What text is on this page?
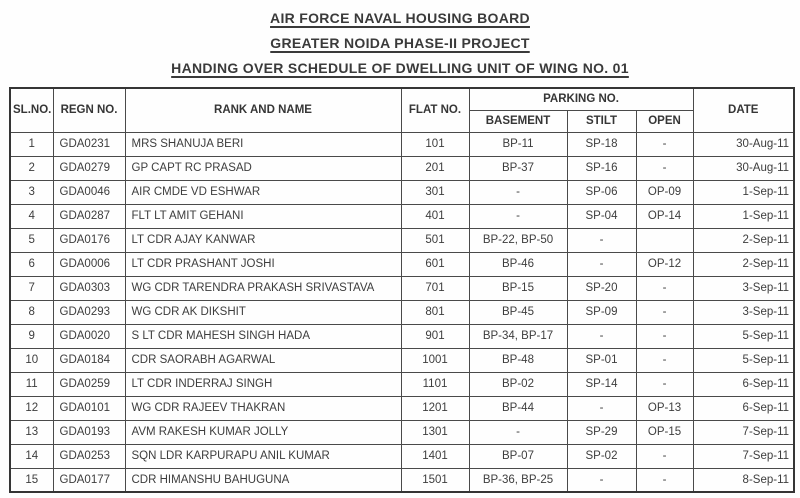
AIR FORCE NAVAL HOUSING BOARD
GREATER NOIDA PHASE-II PROJECT
HANDING OVER SCHEDULE OF DWELLING UNIT OF WING NO. 01
SL.NO.	REGN NO.	RANK AND NAME	FLAT NO.	PARKING NO.			DATE
				BASEMENT	STILT	OPEN	
1	GDA0231	MRS SHANUJA BERI	101	BP-11	SP-18	-	30-Aug-11
2	GDA0279	GP CAPT RC PRASAD	201	BP-37	SP-16	-	30-Aug-11
3	GDA0046	AIR CMDE VD ESHWAR	301	-	SP-06	OP-09	1-Sep-11
4	GDA0287	FLT LT AMIT GEHANI	401	-	SP-04	OP-14	1-Sep-11
5	GDA0176	LT CDR AJAY KANWAR	501	BP-22, BP-50	-		2-Sep-11
6	GDA0006	LT CDR PRASHANT JOSHI	601	BP-46	-	OP-12	2-Sep-11
7	GDA0303	WG CDR TARENDRA PRAKASH SRIVASTAVA	701	BP-15	SP-20	-	3-Sep-11
8	GDA0293	WG CDR AK DIKSHIT	801	BP-45	SP-09	-	3-Sep-11
9	GDA0020	S LT CDR MAHESH SINGH HADA	901	BP-34, BP-17	-	-	5-Sep-11
10	GDA0184	CDR SAORABH AGARWAL	1001	BP-48	SP-01	-	5-Sep-11
11	GDA0259	LT CDR INDERRAJ SINGH	1101	BP-02	SP-14	-	6-Sep-11
12	GDA0101	WG CDR RAJEEV THAKRAN	1201	BP-44	-	OP-13	6-Sep-11
13	GDA0193	AVM RAKESH KUMAR JOLLY	1301	-	SP-29	OP-15	7-Sep-11
14	GDA0253	SQN LDR KARPURAPU ANIL KUMAR	1401	BP-07	SP-02	-	7-Sep-11
15	GDA0177	CDR HIMANSHU BAHUGUNA	1501	BP-36, BP-25	-	-	8-Sep-11
